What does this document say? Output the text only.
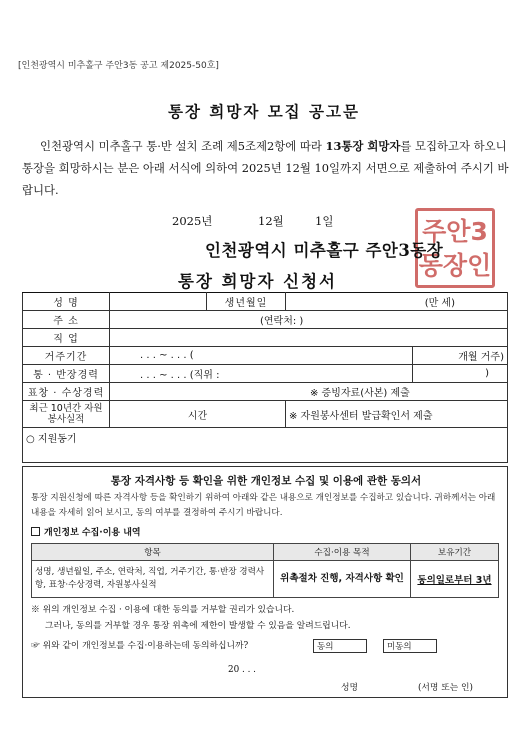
[인천광역시 미추홀구 주안3동 공고 제2025-50호]
통장 희망자 모집 공고문
인천광역시 미추홀구 통·반 설치 조례 제5조제2항에 따라 13통장 희망자를 모집하고자 하오니 통장을 희망하시는 분은 아래 서식에 의하여 2025년 12월 10일까지 서면으로 제출하여 주시기 바랍니다.
2025년	12월	1일	주안3
동장인
인천광역시 미추홀구 주안3동장
통장 희망자 신청서
성 명		생년월일	(만 세)	
주 소	(연락처: )			
직 업				
거주기간	. . . ~ . . . (			개월 거주)
통 · 반장경력	. . . ~ . . . (직위 :			)
표창 · 수상경력	※ 증빙자료(사본) 제출			
최근 10년간 자원봉사실적	시간		※ 자원봉사센터 발급확인서 제출	
○ 지원동기				

통장 자격사항 등 확인을 위한 개인정보 수집 및 이용에 관한 동의서
통장 지원신청에 따른 자격사항 등을 확인하기 위하여 아래와 같은 내용으로 개인정보를 수집하고 있습니다. 귀하께서는 아래 내용을 자세히 읽어 보시고, 동의 여부를 결정하여 주시기 바랍니다.
개인정보 수집·이용 내역
항목	수집·이용 목적	보유기간
성명, 생년월일, 주소, 연락처, 직업, 거주기간, 통·반장 경력사항, 표창·수상경력, 자원봉사실적	위촉절차 진행, 자격사항 확인	동의일로부터 3년
※ 위의 개인정보 수집 · 이용에 대한 동의를 거부할 권리가 있습니다.
그러나, 동의를 거부할 경우 통장 위촉에 제한이 발생할 수 있음을 알려드립니다.
☞ 위와 같이 개인정보를 수집·이용하는데 동의하십니까?	동의	미동의
20 . . .
성명	(서명 또는 인)
